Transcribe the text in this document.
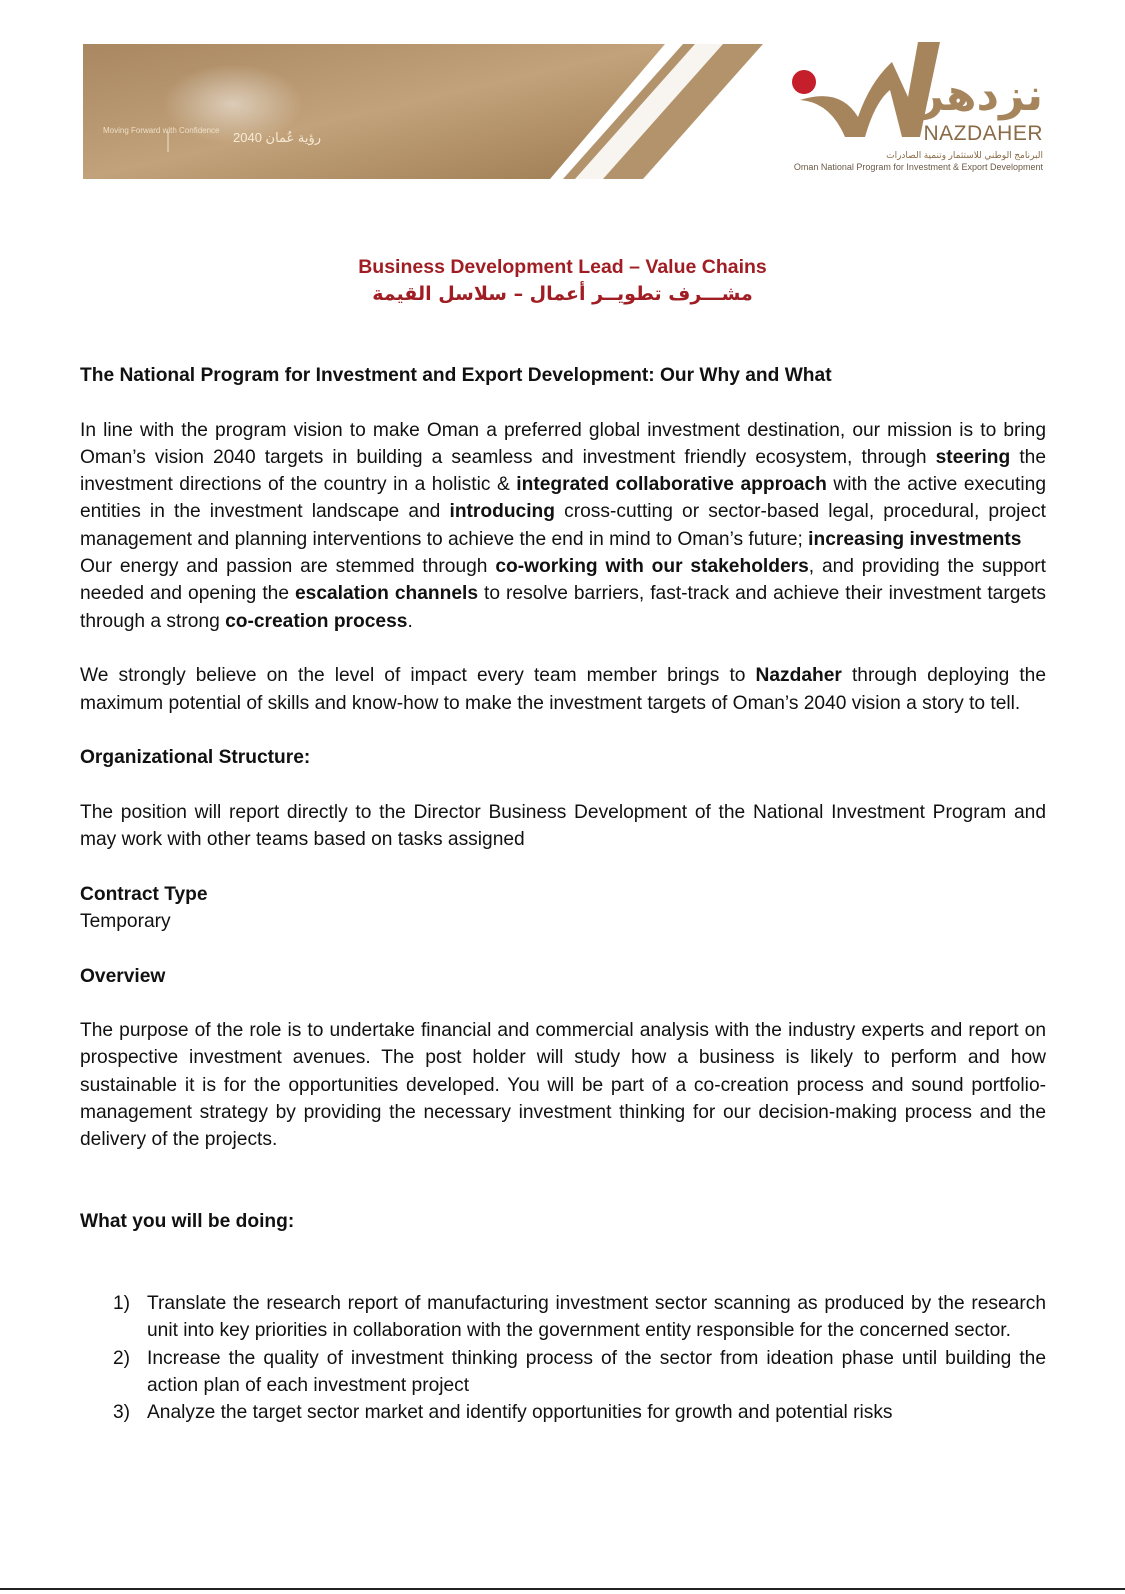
Moving Forward with Confidence رؤية عُمان 2040
نزدهر
NAZDAHER
البرنامج الوطني للاستثمار وتنمية الصادرات
Oman National Program for Investment & Export Development
Business Development Lead – Value Chains
مشـــرف تطويــر أعمال – سلاسل القيمة
The National Program for Investment and Export Development: Our Why and What

In line with the program vision to make Oman a preferred global investment destination, our mission is to bring Oman’s vision 2040 targets in building a seamless and investment friendly ecosystem, through steering the investment directions of the country in a holistic & integrated collaborative approach with the active executing entities in the investment landscape and introducing cross-cutting or sector-based legal, procedural, project management and planning interventions to achieve the end in mind to Oman’s future; increasing investments

Our energy and passion are stemmed through co-working with our stakeholders, and providing the support needed and opening the escalation channels to resolve barriers, fast-track and achieve their investment targets through a strong co-creation process.

We strongly believe on the level of impact every team member brings to Nazdaher through deploying the maximum potential of skills and know-how to make the investment targets of Oman’s 2040 vision a story to tell.

Organizational Structure:

The position will report directly to the Director Business Development of the National Investment Program and may work with other teams based on tasks assigned

Contract Type

Temporary

Overview

The purpose of the role is to undertake financial and commercial analysis with the industry experts and report on prospective investment avenues. The post holder will study how a business is likely to perform and how sustainable it is for the opportunities developed. You will be part of a co-creation process and sound portfolio-management strategy by providing the necessary investment thinking for our decision-making process and the delivery of the projects.

What you will be doing:
1) Translate the research report of manufacturing investment sector scanning as produced by the research unit into key priorities in collaboration with the government entity responsible for the concerned sector.
2) Increase the quality of investment thinking process of the sector from ideation phase until building the action plan of each investment project
3) Analyze the target sector market and identify opportunities for growth and potential risks
